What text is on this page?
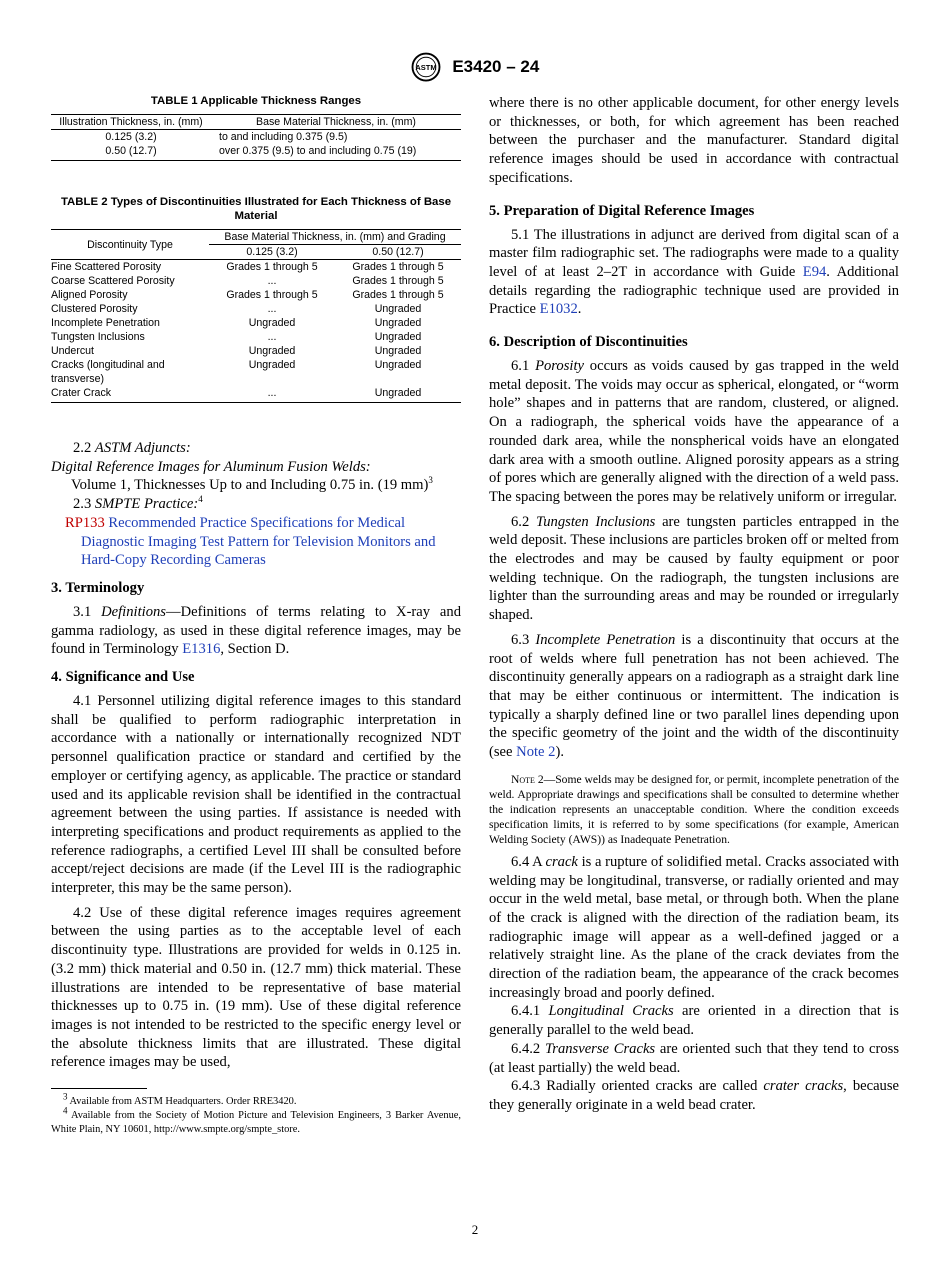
ASTM E3420 – 24
TABLE 1 Applicable Thickness Ranges
Illustration Thickness, in. (mm)	Base Material Thickness, in. (mm)
0.125 (3.2)	to and including 0.375 (9.5)
0.50 (12.7)	over 0.375 (9.5) to and including 0.75 (19)
TABLE 2 Types of Discontinuities Illustrated for Each Thickness of Base Material
Discontinuity Type	Base Material Thickness, in. (mm) and Grading	
	0.125 (3.2)	0.50 (12.7)
Fine Scattered Porosity	Grades 1 through 5	Grades 1 through 5
Coarse Scattered Porosity	...	Grades 1 through 5
Aligned Porosity	Grades 1 through 5	Grades 1 through 5
Clustered Porosity	...	Ungraded
Incomplete Penetration	Ungraded	Ungraded
Tungsten Inclusions	...	Ungraded
Undercut	Ungraded	Ungraded
Cracks (longitudinal and transverse)	Ungraded	Ungraded
Crater Crack	...	Ungraded

2.2 ASTM Adjuncts:

Digital Reference Images for Aluminum Fusion Welds:

Volume 1, Thicknesses Up to and Including 0.75 in. (19 mm)$^3$

2.3 SMPTE Practice:$^4$

RP133 Recommended Practice Specifications for Medical Diagnostic Imaging Test Pattern for Television Monitors and Hard-Copy Recording Cameras

3. Terminology

3.1 Definitions—Definitions of terms relating to X-ray and gamma radiology, as used in these digital reference images, may be found in Terminology E1316, Section D.

4. Significance and Use

4.1 Personnel utilizing digital reference images to this standard shall be qualified to perform radiographic interpretation in accordance with a nationally or internationally recognized NDT personnel qualification practice or standard and certified by the employer or certifying agency, as applicable. The practice or standard used and its applicable revision shall be identified in the contractual agreement between the using parties. If assistance is needed with interpreting specifications and product requirements as applied to the reference radiographs, a certified Level III shall be consulted before accept/reject decisions are made (if the Level III is the radiographic interpreter, this may be the same person).

4.2 Use of these digital reference images requires agreement between the using parties as to the acceptable level of each discontinuity type. Illustrations are provided for welds in 0.125 in. (3.2 mm) thick material and 0.50 in. (12.7 mm) thick material. These illustrations are intended to be representative of base material thicknesses up to 0.75 in. (19 mm). Use of these digital reference images is not intended to be restricted to the specific energy level or the absolute thickness limits that are illustrated. These digital reference images may be used,

$^3$ Available from ASTM Headquarters. Order RRE3420.

$^4$ Available from the Society of Motion Picture and Television Engineers, 3 Barker Avenue, White Plain, NY 10601, http://www.smpte.org/smpte_store.

where there is no other applicable document, for other energy levels or thicknesses, or both, for which agreement has been reached between the purchaser and the manufacturer. Standard digital reference images should be used in accordance with contractual specifications.

5. Preparation of Digital Reference Images

5.1 The illustrations in adjunct are derived from digital scan of a master film radiographic set. The radiographs were made to a quality level of at least 2–2T in accordance with Guide E94. Additional details regarding the radiographic technique used are provided in Practice E1032.

6. Description of Discontinuities

6.1 Porosity occurs as voids caused by gas trapped in the weld metal deposit. The voids may occur as spherical, elongated, or “worm hole” shapes and in patterns that are random, clustered, or aligned. On a radiograph, the spherical voids have the appearance of a rounded dark area, while the nonspherical voids have an elongated dark area with a smooth outline. Aligned porosity appears as a string of pores which are generally aligned with the direction of a weld pass. The spacing between the pores may be relatively uniform or irregular.

6.2 Tungsten Inclusions are tungsten particles entrapped in the weld deposit. These inclusions are particles broken off or melted from the electrodes and may be caused by faulty equipment or poor welding technique. On the radiograph, the tungsten inclusions are lighter than the surrounding areas and may be rounded or irregularly shaped.

6.3 Incomplete Penetration is a discontinuity that occurs at the root of welds where full penetration has not been achieved. The discontinuity generally appears on a radiograph as a straight dark line that may be either continuous or intermittent. The indication is typically a sharply defined line or two parallel lines depending upon the specific geometry of the joint and the width of the discontinuity (see Note 2).

Note 2—Some welds may be designed for, or permit, incomplete penetration of the weld. Appropriate drawings and specifications shall be consulted to determine whether the indication represents an unacceptable condition. Where the condition exceeds specification limits, it is referred to by some specifications (for example, American Welding Society (AWS)) as Inadequate Penetration.

6.4 A crack is a rupture of solidified metal. Cracks associated with welding may be longitudinal, transverse, or radially oriented and may occur in the weld metal, base metal, or through both. When the plane of the crack is aligned with the direction of the radiation beam, its radiographic image will appear as a well-defined jagged or a relatively straight line. As the plane of the crack deviates from the direction of the radiation beam, the appearance of the crack becomes increasingly broad and poorly defined.

6.4.1 Longitudinal Cracks are oriented in a direction that is generally parallel to the weld bead.

6.4.2 Transverse Cracks are oriented such that they tend to cross (at least partially) the weld bead.

6.4.3 Radially oriented cracks are called crater cracks, because they generally originate in a weld bead crater.

2
